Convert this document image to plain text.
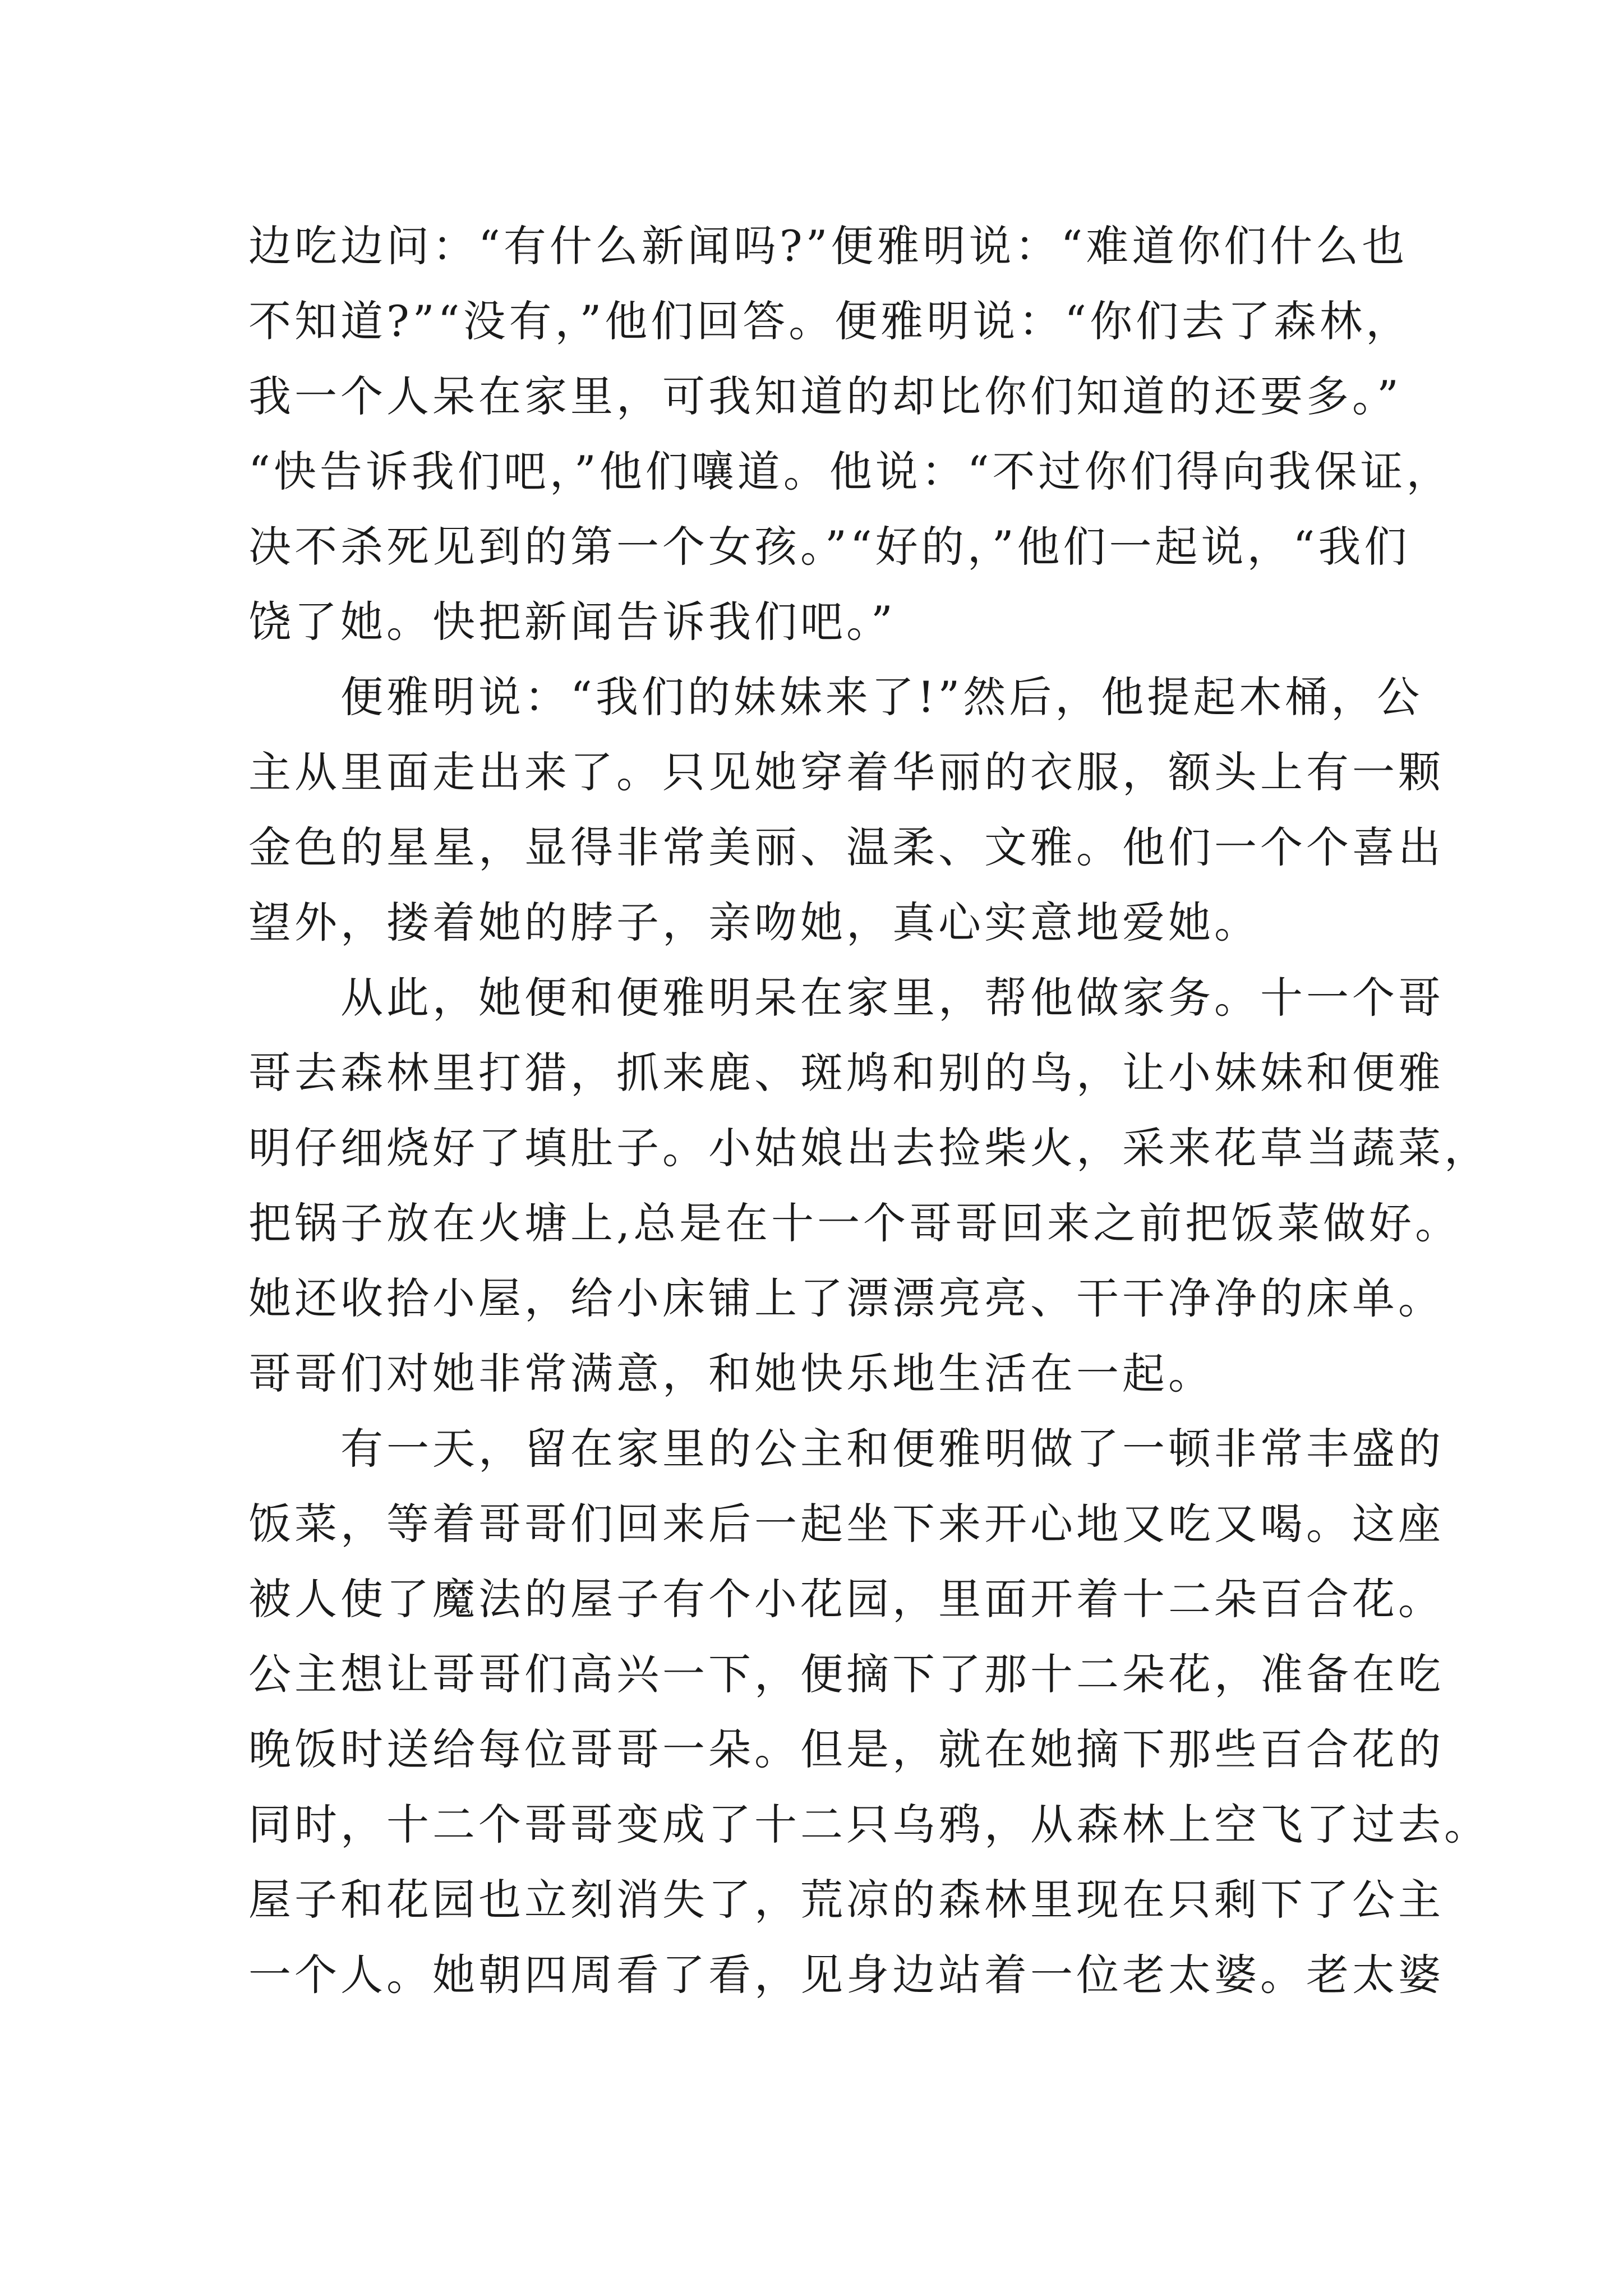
边吃边问：“有什么新闻吗?”便雅明说：“难道你们什么也
不知道?”“没有，”他们回答。便雅明说：“你们去了森林，
我一个人呆在家里，可我知道的却比你们知道的还要多。”
“快告诉我们吧，”他们嚷道。他说：“不过你们得向我保证，
决不杀死见到的第一个女孩。”“好的，”他们一起说，“我们
饶了她。快把新闻告诉我们吧。”

便雅明说：“我们的妹妹来了!”然后，他提起木桶，公
主从里面走出来了。只见她穿着华丽的衣服，额头上有一颗
金色的星星，显得非常美丽、温柔、文雅。他们一个个喜出
望外，搂着她的脖子，亲吻她，真心实意地爱她。

从此，她便和便雅明呆在家里，帮他做家务。十一个哥
哥去森林里打猎，抓来鹿、斑鸠和别的鸟，让小妹妹和便雅
明仔细烧好了填肚子。小姑娘出去捡柴火，采来花草当蔬菜，
把锅子放在火塘上,总是在十一个哥哥回来之前把饭菜做好。
她还收拾小屋，给小床铺上了漂漂亮亮、干干净净的床单。
哥哥们对她非常满意，和她快乐地生活在一起。

有一天，留在家里的公主和便雅明做了一顿非常丰盛的
饭菜，等着哥哥们回来后一起坐下来开心地又吃又喝。这座
被人使了魔法的屋子有个小花园，里面开着十二朵百合花。
公主想让哥哥们高兴一下，便摘下了那十二朵花，准备在吃
晚饭时送给每位哥哥一朵。但是，就在她摘下那些百合花的
同时，十二个哥哥变成了十二只乌鸦，从森林上空飞了过去。
屋子和花园也立刻消失了，荒凉的森林里现在只剩下了公主
一个人。她朝四周看了看，见身边站着一位老太婆。老太婆
